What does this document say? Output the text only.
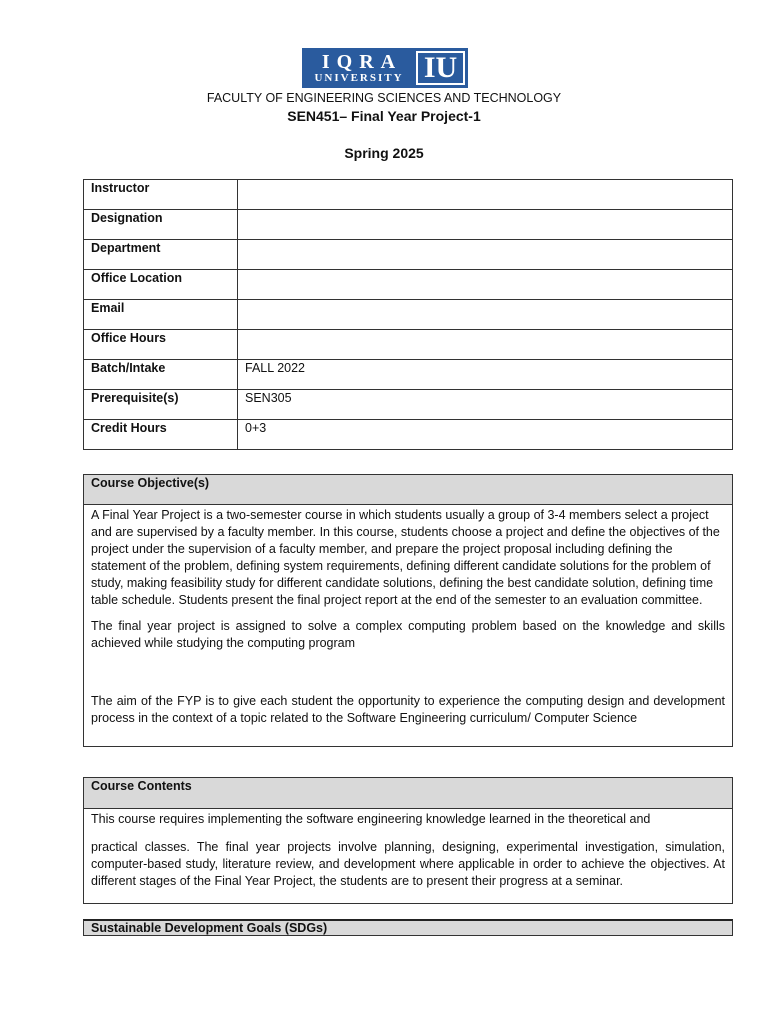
IQRA
UNIVERSITY IU
FACULTY OF ENGINEERING SCIENCES AND TECHNOLOGY
SEN451– Final Year Project-1
Spring 2025
Instructor	
Designation	
Department	
Office Location	
Email	
Office Hours	
Batch/Intake	FALL 2022
Prerequisite(s)	SEN305
Credit Hours	0+3
Course Objective(s)

A Final Year Project is a two-semester course in which students usually a group of 3-4 members select a project and are supervised by a faculty member. In this course, students choose a project and define the objectives of the project under the supervision of a faculty member, and prepare the project proposal including defining the statement of the problem, defining system requirements, defining different candidate solutions for the problem of study, making feasibility study for different candidate solutions, defining the best candidate solution, defining time table schedule. Students present the final project report at the end of the semester to an evaluation committee.

The final year project is assigned to solve a complex computing problem based on the knowledge and skills achieved while studying the computing program

The aim of the FYP is to give each student the opportunity to experience the computing design and development process in the context of a topic related to the Software Engineering curriculum/ Computer Science

Course Contents

This course requires implementing the software engineering knowledge learned in the theoretical and

practical classes. The final year projects involve planning, designing, experimental investigation, simulation, computer-based study, literature review, and development where applicable in order to achieve the objectives. At different stages of the Final Year Project, the students are to present their progress at a seminar.

Sustainable Development Goals (SDGs)
